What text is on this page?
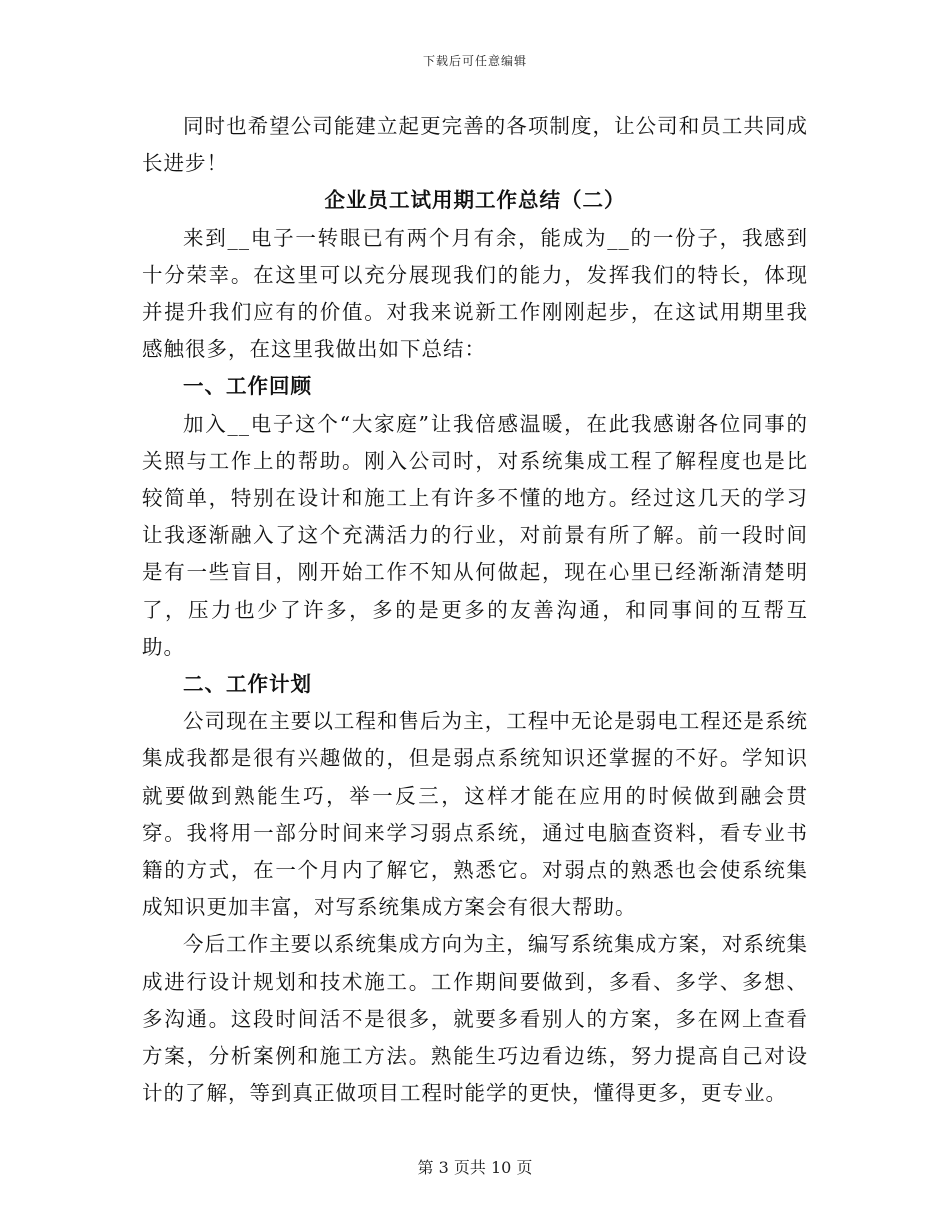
下载后可任意编辑

同时也希望公司能建立起更完善的各项制度，让公司和员工共同成长进步！

企业员工试用期工作总结（二）

来到__电子一转眼已有两个月有余，能成为__的一份子，我感到十分荣幸。在这里可以充分展现我们的能力，发挥我们的特长，体现并提升我们应有的价值。对我来说新工作刚刚起步，在这试用期里我感触很多，在这里我做出如下总结：

一、工作回顾

加入__电子这个“大家庭”让我倍感温暖，在此我感谢各位同事的关照与工作上的帮助。刚入公司时，对系统集成工程了解程度也是比较简单，特别在设计和施工上有许多不懂的地方。经过这几天的学习让我逐渐融入了这个充满活力的行业，对前景有所了解。前一段时间是有一些盲目，刚开始工作不知从何做起，现在心里已经渐渐清楚明了，压力也少了许多，多的是更多的友善沟通，和同事间的互帮互助。

二、工作计划

公司现在主要以工程和售后为主，工程中无论是弱电工程还是系统集成我都是很有兴趣做的，但是弱点系统知识还掌握的不好。学知识就要做到熟能生巧，举一反三，这样才能在应用的时候做到融会贯穿。我将用一部分时间来学习弱点系统，通过电脑查资料，看专业书籍的方式，在一个月内了解它，熟悉它。对弱点的熟悉也会使系统集成知识更加丰富，对写系统集成方案会有很大帮助。

今后工作主要以系统集成方向为主，编写系统集成方案，对系统集成进行设计规划和技术施工。工作期间要做到，多看、多学、多想、多沟通。这段时间活不是很多，就要多看别人的方案，多在网上查看方案，分析案例和施工方法。熟能生巧边看边练，努力提高自己对设计的了解，等到真正做项目工程时能学的更快，懂得更多，更专业。

第 3 页共 10 页
